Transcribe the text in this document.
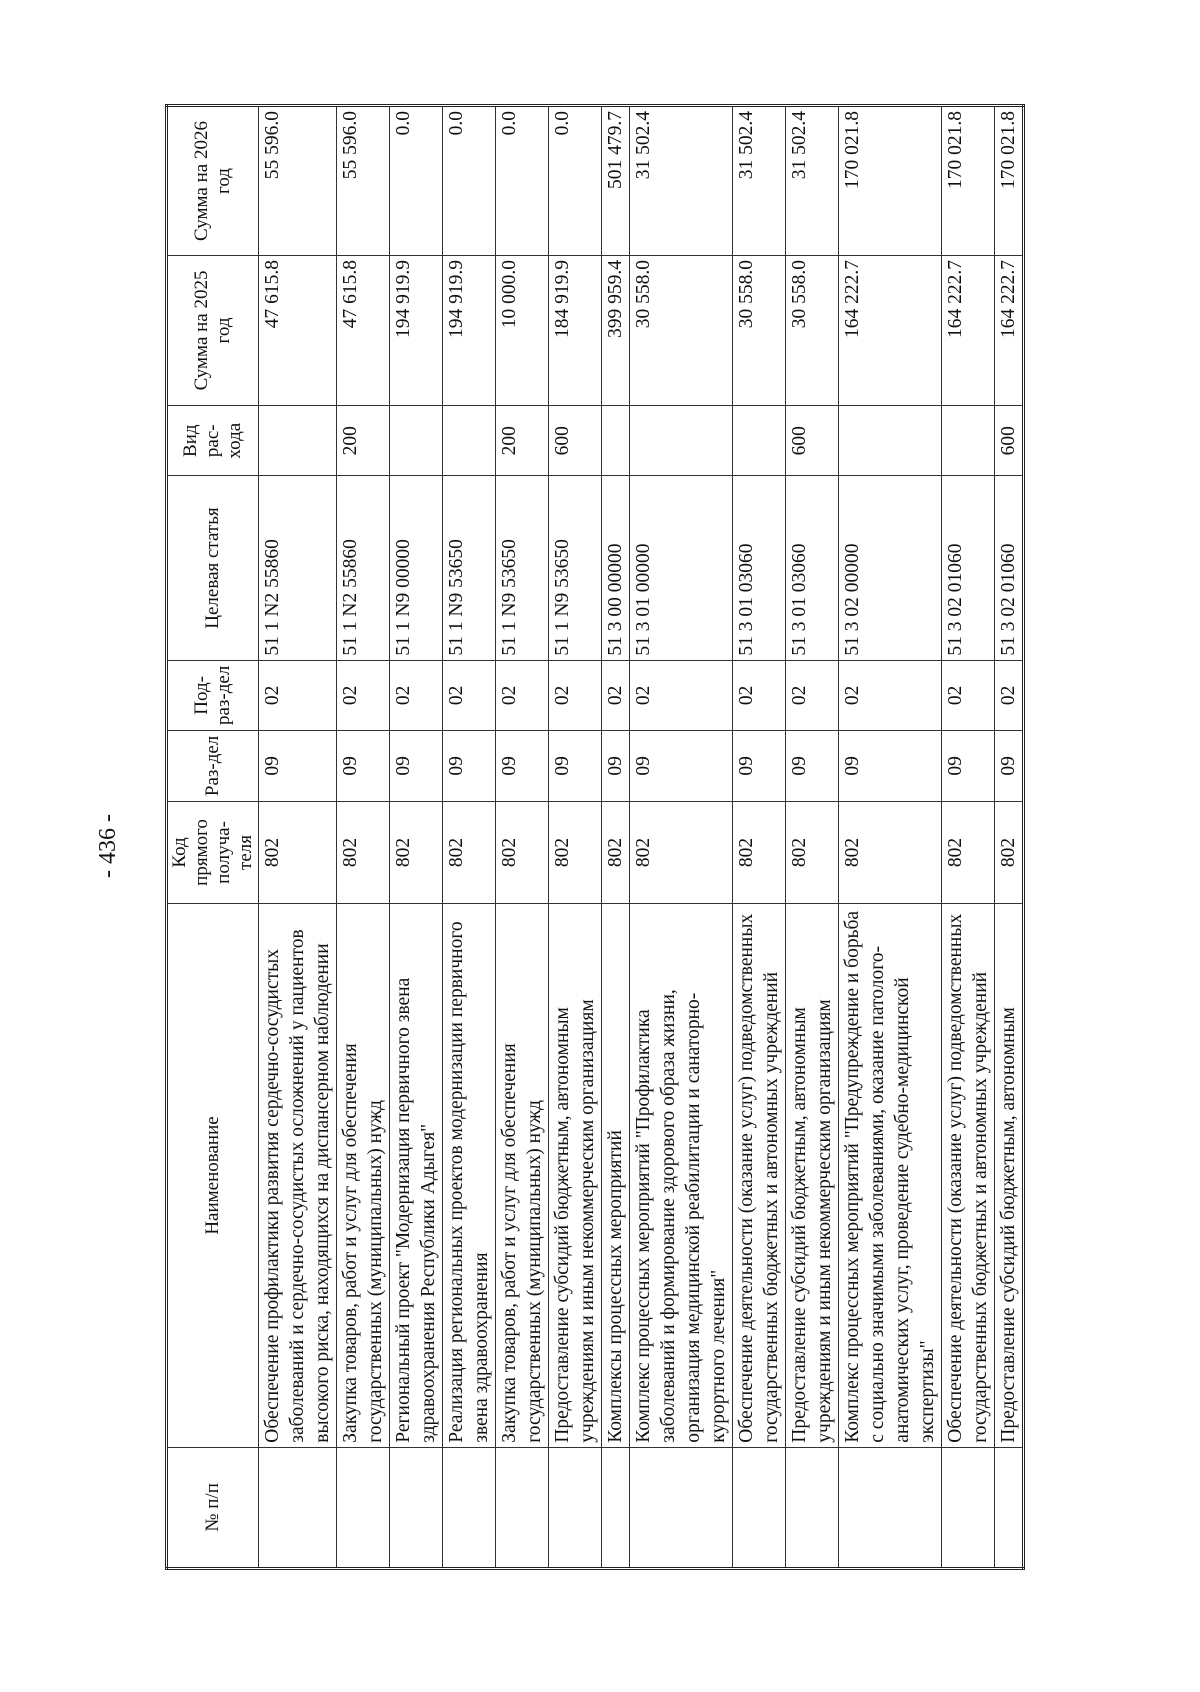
- 436 -
№ п/п	Наименование	Код прямого получа-теля	Раз-дел	Под-раз-дел	Целевая статья	Вид рас-хода	Сумма на 2025 год	Сумма на 2026 год
	Обеспечение профилактики развития сердечно-сосудистых заболеваний и сердечно-сосудистых осложнений у пациентов высокого риска, находящихся на диспансерном наблюдении	802	09	02	51 1 N2 55860		47 615.8	55 596.0
	Закупка товаров, работ и услуг для обеспечения государственных (муниципальных) нужд	802	09	02	51 1 N2 55860	200	47 615.8	55 596.0
	Региональный проект "Модернизация первичного звена здравоохранения Республики Адыгея"	802	09	02	51 1 N9 00000		194 919.9	0.0
	Реализация региональных проектов модернизации первичного звена здравоохранения	802	09	02	51 1 N9 53650		194 919.9	0.0
	Закупка товаров, работ и услуг для обеспечения государственных (муниципальных) нужд	802	09	02	51 1 N9 53650	200	10 000.0	0.0
	Предоставление субсидий бюджетным, автономным учреждениям и иным некоммерческим организациям	802	09	02	51 1 N9 53650	600	184 919.9	0.0
	Комплексы процессных мероприятий	802	09	02	51 3 00 00000		399 959.4	501 479.7
	Комплекс процессных мероприятий "Профилактика заболеваний и формирование здорового образа жизни, организация медицинской реабилитации и санаторно-курортного лечения"	802	09	02	51 3 01 00000		30 558.0	31 502.4
	Обеспечение деятельности (оказание услуг) подведомственных государственных бюджетных и автономных учреждений	802	09	02	51 3 01 03060		30 558.0	31 502.4
	Предоставление субсидий бюджетным, автономным учреждениям и иным некоммерческим организациям	802	09	02	51 3 01 03060	600	30 558.0	31 502.4
	Комплекс процессных мероприятий "Предупреждение и борьба с социально значимыми заболеваниями, оказание патолого-анатомических услуг, проведение судебно-медицинской экспертизы"	802	09	02	51 3 02 00000		164 222.7	170 021.8
	Обеспечение деятельности (оказание услуг) подведомственных государственных бюджетных и автономных учреждений	802	09	02	51 3 02 01060		164 222.7	170 021.8
	Предоставление субсидий бюджетным, автономным	802	09	02	51 3 02 01060	600	164 222.7	170 021.8
